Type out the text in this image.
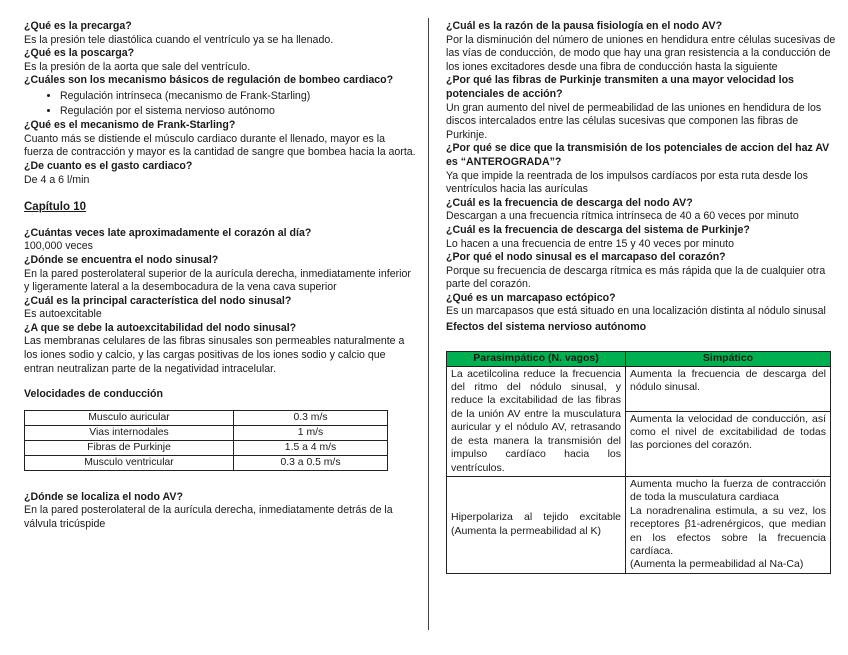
¿Qué es la precarga?

Es la presión tele diastólica cuando el ventrículo ya se ha llenado.

¿Qué es la poscarga?

Es la presión de la aorta que sale del ventrículo.

¿Cuáles son los mecanismo básicos de regulación de bombeo cardiaco?

• Regulación intrínseca (mecanismo de Frank-Starling)
• Regulación por el sistema nervioso autónomo

¿Qué es el mecanismo de Frank-Starling?

Cuanto más se distiende el músculo cardiaco durante el llenado, mayor es la fuerza de contracción y mayor es la cantidad de sangre que bombea hacia la aorta.

¿De cuanto es el gasto cardiaco?

De 4 a 6 l/min

Capítulo 10

¿Cuántas veces late aproximadamente el corazón al día?

100,000 veces

¿Dónde se encuentra el nodo sinusal?

En la pared posterolateral superior de la aurícula derecha, inmediatamente inferior y ligeramente lateral a la desembocadura de la vena cava superior

¿Cuál es la principal característica del nodo sinusal?

Es autoexcitable

¿A que se debe la autoexcitabilidad del nodo sinusal?

Las membranas celulares de las fibras sinusales son permeables naturalmente a los iones sodio y calcio, y las cargas positivas de los iones sodio y calcio que entran neutralizan parte de la negatividad intracelular.

Velocidades de conducción

Musculo auricular	0.3 m/s
Vias internodales	1 m/s
Fibras de Purkinje	1.5 a 4 m/s
Musculo ventricular	0.3 a 0.5 m/s

¿Dónde se localiza el nodo AV?

En la pared posterolateral de la aurícula derecha, inmediatamente detrás de la válvula tricúspide

¿Cuál es la razón de la pausa fisiología en el nodo AV?

Por la disminución del número de uniones en hendidura entre células sucesivas de las vías de conducción, de modo que hay una gran resistencia a la conducción de los iones excitadores desde una fibra de conducción hasta la siguiente

¿Por qué las fibras de Purkinje transmiten a una mayor velocidad los potenciales de acción?

Un gran aumento del nivel de permeabilidad de las uniones en hendidura de los discos intercalados entre las células sucesivas que componen las fibras de Purkinje.

¿Por qué se dice que la transmisión de los potenciales de accion del haz AV es “ANTEROGRADA”?

Ya que impide la reentrada de los impulsos cardíacos por esta ruta desde los ventrículos hacia las aurículas

¿Cuál es la frecuencia de descarga del nodo AV?

Descargan a una frecuencia rítmica intrínseca de 40 a 60 veces por minuto

¿Cuál es la frecuencia de descarga del sistema de Purkinje?

Lo hacen a una frecuencia de entre 15 y 40 veces por minuto

¿Por qué el nodo sinusal es el marcapaso del corazón?

Porque su frecuencia de descarga rítmica es más rápida que la de cualquier otra parte del corazón.

¿Qué es un marcapaso ectópico?

Es un marcapasos que está situado en una localización distinta al nódulo sinusal

Efectos del sistema nervioso autónomo

Parasimpático (N. vagos)	Simpático
La acetilcolina reduce la frecuencia del ritmo del nódulo sinusal, y reduce la excitabilidad de las fibras de la unión AV entre la musculatura auricular y el nódulo AV, retrasando de esta manera la transmisión del impulso cardíaco hacia los ventrículos.	Aumenta la frecuencia de descarga del nódulo sinusal.
	Aumenta la velocidad de conducción, así como el nivel de excitabilidad de todas las porciones del corazón.
Hiperpolariza al tejido excitable (Aumenta la permeabilidad al K)	Aumenta mucho la fuerza de contracción de toda la musculatura cardiaca
La noradrenalina estimula, a su vez, los receptores β1-adrenérgicos, que median en los efectos sobre la frecuencia cardíaca.
(Aumenta la permeabilidad al Na-Ca)
